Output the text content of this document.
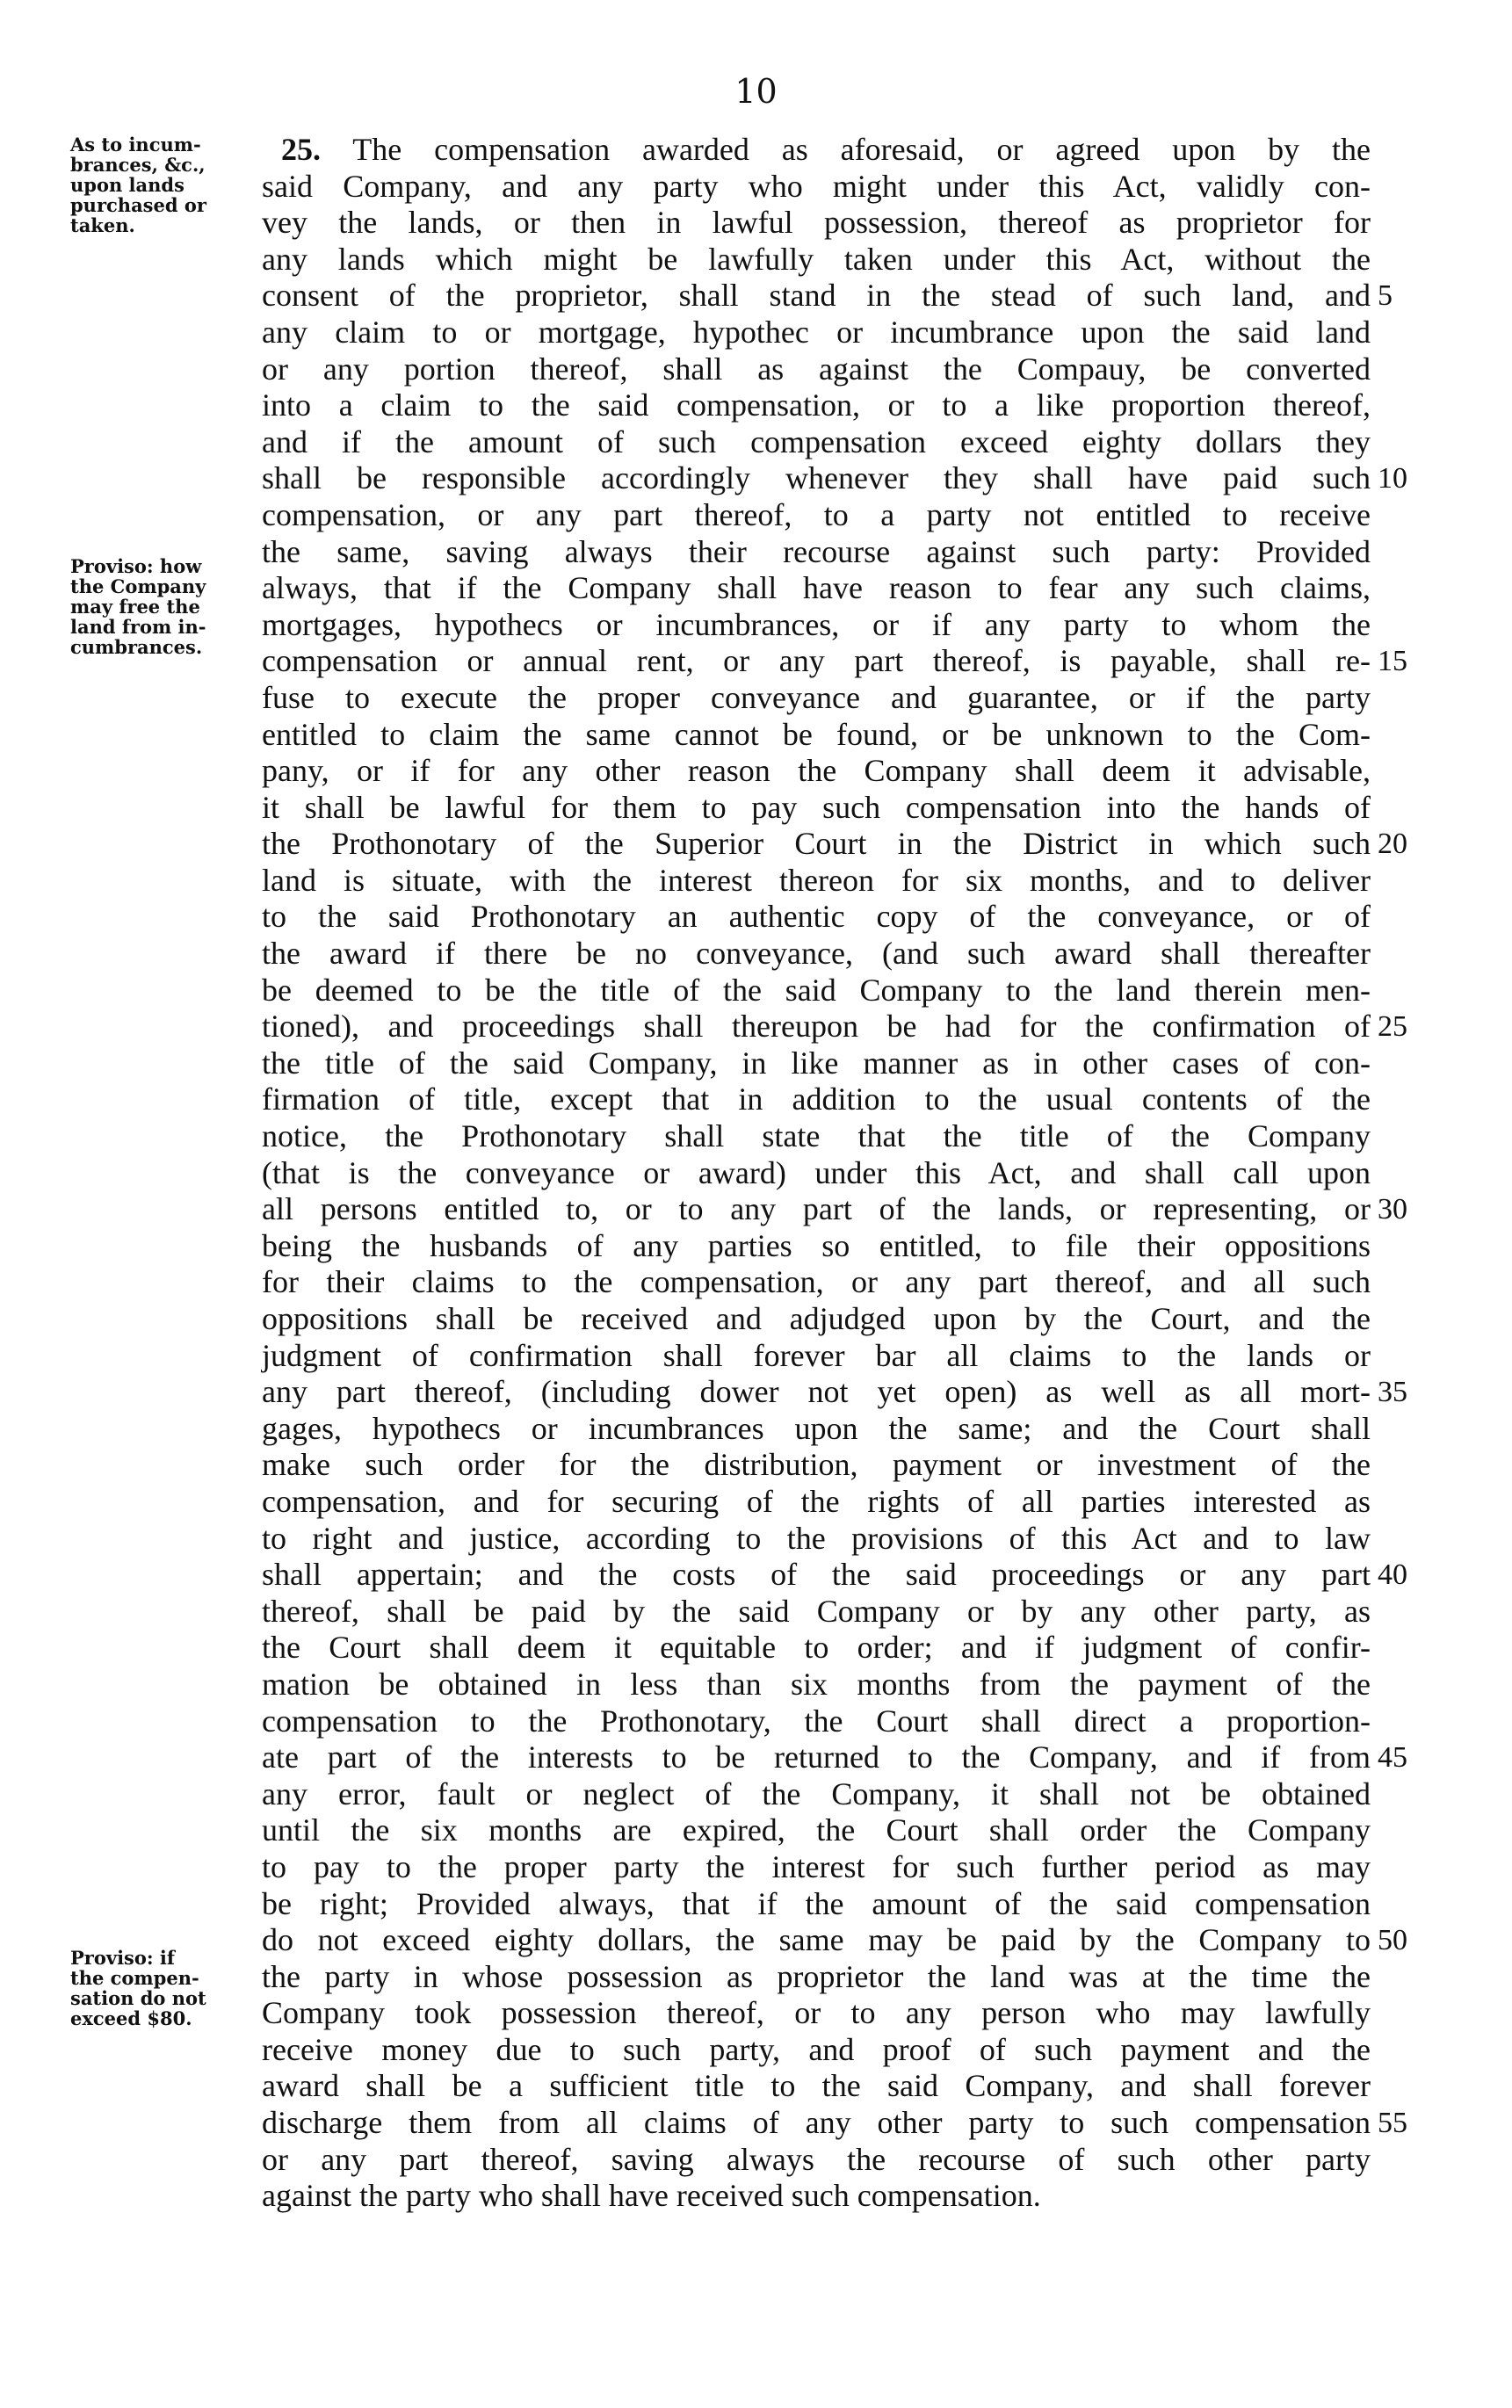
10
As to incum-
brances, &c.,
upon lands
purchased or
taken.
Proviso: how
the Company
may free the
land from in-
cumbrances.
Proviso: if
the compen-
sation do not
exceed $80.
25. The compensation awarded as aforesaid, or agreed upon by the
said Company, and any party who might under this Act, validly con-
vey the lands, or then in lawful possession, thereof as proprietor for
any lands which might be lawfully taken under this Act, without the
consent of the proprietor, shall stand in the stead of such land, and
any claim to or mortgage, hypothec or incumbrance upon the said land
or any portion thereof, shall as against the Compauy, be converted
into a claim to the said compensation, or to a like proportion thereof,
and if the amount of such compensation exceed eighty dollars they
shall be responsible accordingly whenever they shall have paid such
compensation, or any part thereof, to a party not entitled to receive
the same, saving always their recourse against such party: Provided
always, that if the Company shall have reason to fear any such claims,
mortgages, hypothecs or incumbrances, or if any party to whom the
compensation or annual rent, or any part thereof, is payable, shall re-
fuse to execute the proper conveyance and guarantee, or if the party
entitled to claim the same cannot be found, or be unknown to the Com-
pany, or if for any other reason the Company shall deem it advisable,
it shall be lawful for them to pay such compensation into the hands of
the Prothonotary of the Superior Court in the District in which such
land is situate, with the interest thereon for six months, and to deliver
to the said Prothonotary an authentic copy of the conveyance, or of
the award if there be no conveyance, (and such award shall thereafter
be deemed to be the title of the said Company to the land therein men-
tioned), and proceedings shall thereupon be had for the confirmation of
the title of the said Company, in like manner as in other cases of con-
firmation of title, except that in addition to the usual contents of the
notice, the Prothonotary shall state that the title of the Company
(that is the conveyance or award) under this Act, and shall call upon
all persons entitled to, or to any part of the lands, or representing, or
being the husbands of any parties so entitled, to file their oppositions
for their claims to the compensation, or any part thereof, and all such
oppositions shall be received and adjudged upon by the Court, and the
judgment of confirmation shall forever bar all claims to the lands or
any part thereof, (including dower not yet open) as well as all mort-
gages, hypothecs or incumbrances upon the same; and the Court shall
make such order for the distribution, payment or investment of the
compensation, and for securing of the rights of all parties interested as
to right and justice, according to the provisions of this Act and to law
shall appertain; and the costs of the said proceedings or any part
thereof, shall be paid by the said Company or by any other party, as
the Court shall deem it equitable to order; and if judgment of confir-
mation be obtained in less than six months from the payment of the
compensation to the Prothonotary, the Court shall direct a proportion-
ate part of the interests to be returned to the Company, and if from
any error, fault or neglect of the Company, it shall not be obtained
until the six months are expired, the Court shall order the Company
to pay to the proper party the interest for such further period as may
be right; Provided always, that if the amount of the said compensation
do not exceed eighty dollars, the same may be paid by the Company to
the party in whose possession as proprietor the land was at the time the
Company took possession thereof, or to any person who may lawfully
receive money due to such party, and proof of such payment and the
award shall be a sufficient title to the said Company, and shall forever
discharge them from all claims of any other party to such compensation
or any part thereof, saving always the recourse of such other party
against the party who shall have received such compensation.
5
10
15
20
25
30
35
40
45
50
55
